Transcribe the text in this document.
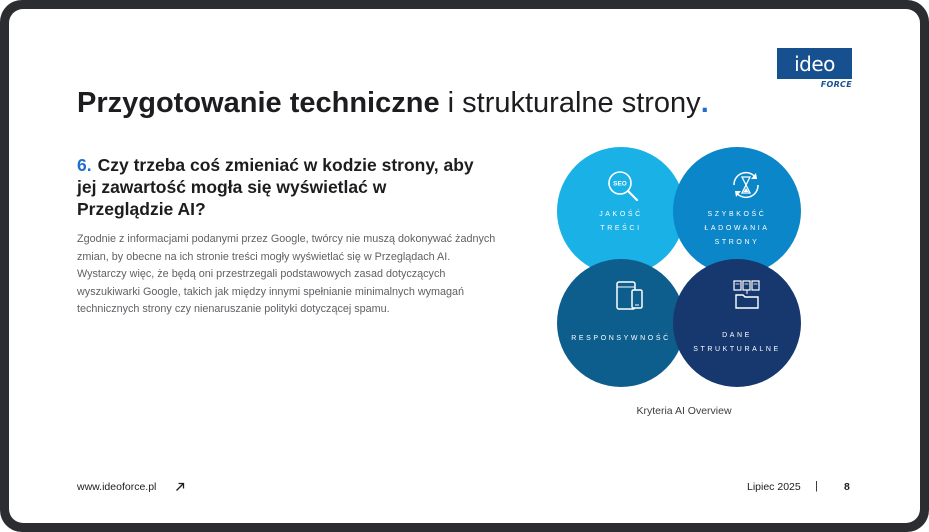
ideo
FORCE
Przygotowanie techniczne i strukturalne strony.
6. Czy trzeba coś zmieniać w kodzie strony, aby jej zawartość mogła się wyświetlać w Przeglądzie AI?
Zgodnie z informacjami podanymi przez Google, twórcy nie muszą dokonywać żadnych zmian, by obecne na ich stronie treści mogły wyświetlać się w Przeglądach AI. Wystarczy więc, że będą oni przestrzegali podstawowych zasad dotyczących wyszukiwarki Google, takich jak między innymi spełnianie minimalnych wymagań technicznych strony czy nienaruszanie polityki dotyczącej spamu.
SEO
JAKOŚĆ
TREŚCI
SZYBKOŚĆ
ŁADOWANIA
STRONY
RESPONSYWNOŚĆ	DANE
STRUKTURALNE
Kryteria AI Overview
www.ideoforce.pl	Lipiec 2025 | 8
